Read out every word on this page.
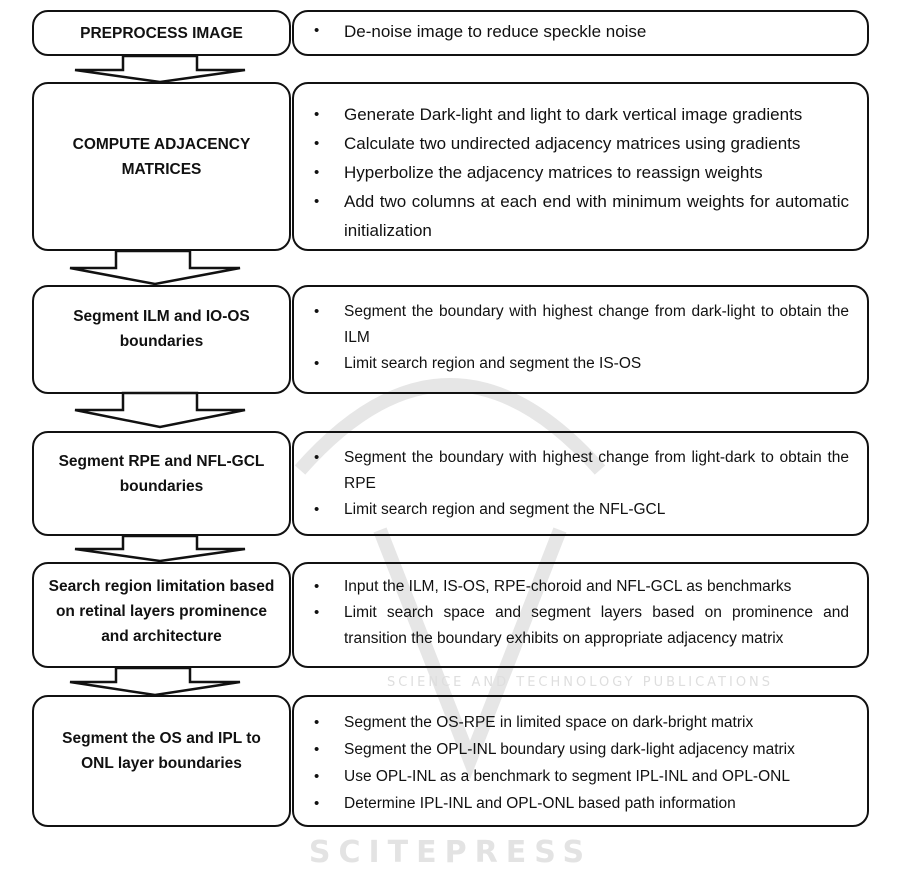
SCIENCE AND TECHNOLOGY PUBLICATIONS
SCITEPRESS
PREPROCESS IMAGE	• De-noise image to reduce speckle noise
COMPUTE ADJACENCY MATRICES
• Generate Dark-light and light to dark vertical image gradients
• Calculate two undirected adjacency matrices using gradients
• Hyperbolize the adjacency matrices to reassign weights
• Add two columns at each end with minimum weights for automatic initialization
Segment ILM and IO-OS boundaries
• Segment the boundary with highest change from dark-light to obtain the ILM
• Limit search region and segment the IS-OS
Segment RPE and NFL-GCL boundaries
• Segment the boundary with highest change from light-dark to obtain the RPE
• Limit search region and segment the NFL-GCL
Search region limitation based on retinal layers prominence and architecture
• Input the ILM, IS-OS, RPE-choroid and NFL-GCL as benchmarks
• Limit search space and segment layers based on prominence and transition the boundary exhibits on appropriate adjacency matrix
Segment the OS and IPL to ONL layer boundaries
• Segment the OS-RPE in limited space on dark-bright matrix
• Segment the OPL-INL boundary using dark-light adjacency matrix
• Use OPL-INL as a benchmark to segment IPL-INL and OPL-ONL
• Determine IPL-INL and OPL-ONL based path information
